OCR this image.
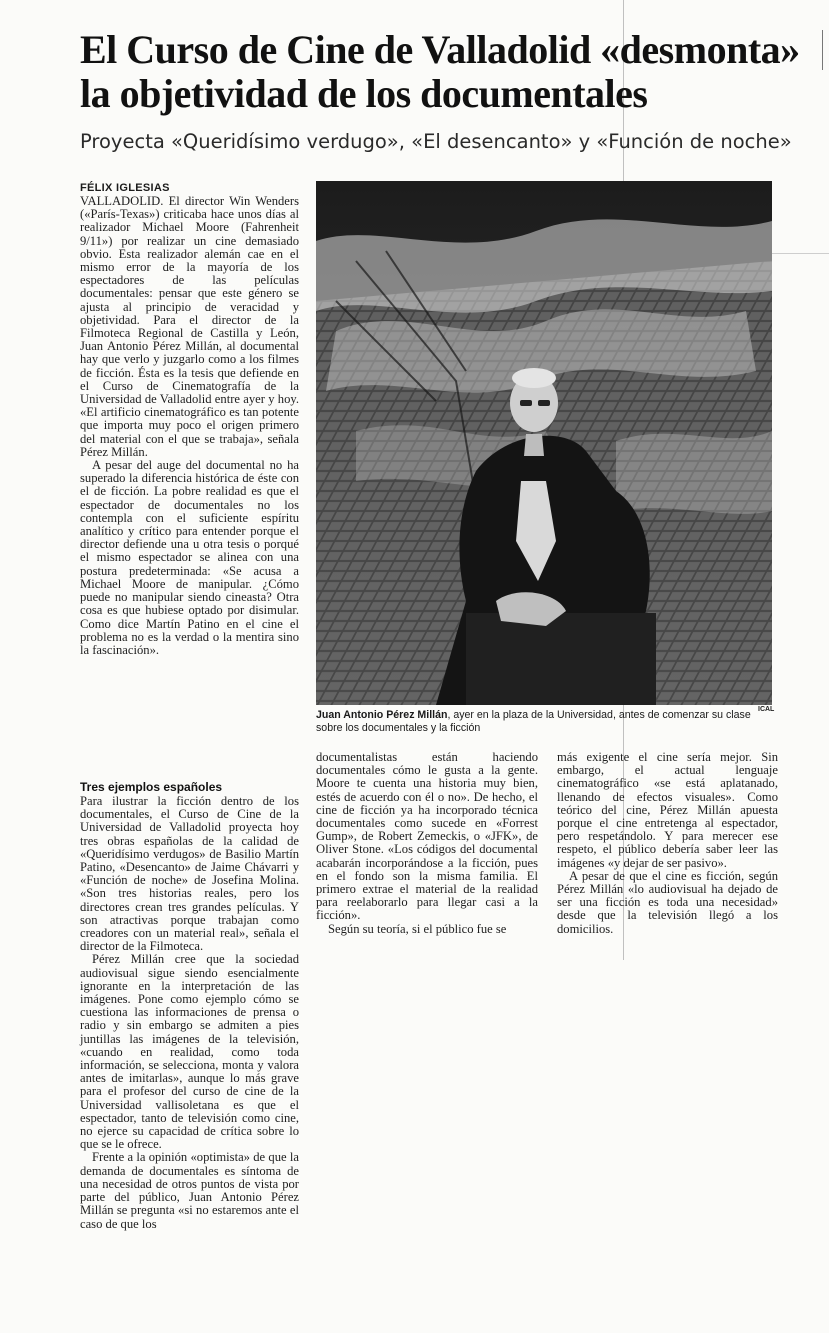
El Curso de Cine de Valladolid «desmonta» la objetividad de los documentales
Proyecta «Queridísimo verdugo», «El desencanto» y «Función de noche»
FÉLIX IGLESIAS

VALLADOLID. El director Win Wenders («París-Texas») criticaba hace unos días al realizador Michael Moore (Fahrenheit 9/11») por realizar un cine demasiado obvio. Esta realizador alemán cae en el mismo error de la mayoría de los espectadores de las películas documentales: pensar que este género se ajusta al principio de veracidad y objetividad. Para el director de la Filmoteca Regional de Castilla y León, Juan Antonio Pérez Millán, al documental hay que verlo y juzgarlo como a los filmes de ficción. Ésta es la tesis que defiende en el Curso de Cinematografía de la Universidad de Valladolid entre ayer y hoy. «El artificio cinematográfico es tan potente que importa muy poco el origen primero del material con el que se trabaja», señala Pérez Millán.

A pesar del auge del documental no ha superado la diferencia histórica de éste con el de ficción. La pobre realidad es que el espectador de documentales no los contempla con el suficiente espíritu analítico y crítico para entender porque el director defiende una u otra tesis o porqué el mismo espectador se alinea con una postura predeterminada: «Se acusa a Michael Moore de manipular. ¿Cómo puede no manipular siendo cineasta? Otra cosa es que hubiese optado por disimular. Como dice Martín Patino en el cine el problema no es la verdad o la mentira sino la fascinación».

Tres ejemplos españoles

Para ilustrar la ficción dentro de los documentales, el Curso de Cine de la Universidad de Valladolid proyecta hoy tres obras españolas de la calidad de «Queridísimo verdugos» de Basilio Martín Patino, «Desencanto» de Jaime Chávarri y «Función de noche» de Josefina Molina. «Son tres historias reales, pero los directores crean tres grandes películas. Y son atractivas porque trabajan como creadores con un material real», señala el director de la Filmoteca.

Pérez Millán cree que la sociedad audiovisual sigue siendo esencialmente ignorante en la interpretación de las imágenes. Pone como ejemplo cómo se cuestiona las informaciones de prensa o radio y sin embargo se admiten a pies juntillas las imágenes de la televisión, «cuando en realidad, como toda información, se selecciona, monta y valora antes de imitarlas», aunque lo más grave para el profesor del curso de cine de la Universidad vallisoletana es que el espectador, tanto de televisión como cine, no ejerce su capacidad de crítica sobre lo que se le ofrece.

Frente a la opinión «optimista» de que la demanda de documentales es síntoma de una necesidad de otros puntos de vista por parte del público, Juan Antonio Pérez Millán se pregunta «si no estaremos ante el caso de que los

Juan Antonio Pérez Millán, ayer en la plaza de la Universidad, antes de comenzar su clase sobre los documentales y la ficción
ICAL

documentalistas están haciendo documentales cómo le gusta a la gente. Moore te cuenta una historia muy bien, estés de acuerdo con él o no». De hecho, el cine de ficción ya ha incorporado técnica documentales como sucede en «Forrest Gump», de Robert Zemeckis, o «JFK», de Oliver Stone. «Los códigos del documental acabarán incorporándose a la ficción, pues en el fondo son la misma familia. El primero extrae el material de la realidad para reelaborarlo para llegar casi a la ficción».

Según su teoría, si el público fue se

más exigente el cine sería mejor. Sin embargo, el actual lenguaje cinematográfico «se está aplatanado, llenando de efectos visuales». Como teórico del cine, Pérez Millán apuesta porque el cine entretenga al espectador, pero respetándolo. Y para merecer ese respeto, el público debería saber leer las imágenes «y dejar de ser pasivo».

A pesar de que el cine es ficción, según Pérez Millán «lo audiovisual ha dejado de ser una ficción es toda una necesidad» desde que la televisión llegó a los domicilios.
